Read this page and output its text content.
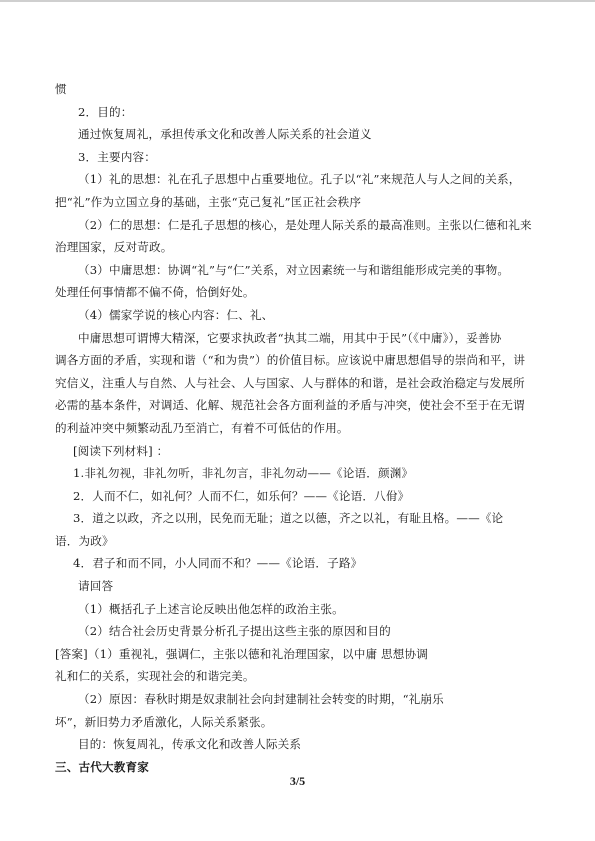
惯

2．目的：

通过恢复周礼，承担传承文化和改善人际关系的社会道义

3．主要内容：

（1）礼的思想：礼在孔子思想中占重要地位。孔子以“礼”来规范人与人之间的关系，

把“礼”作为立国立身的基础，主张“克己复礼”匡正社会秩序

（2）仁的思想：仁是孔子思想的核心，是处理人际关系的最高准则。主张以仁德和礼来

治理国家，反对苛政。

（3）中庸思想：协调“礼”与“仁”关系，对立因素统一与和谐组能形成完美的事物。

处理任何事情都不偏不倚，恰倒好处。

（4）儒家学说的核心内容：仁、礼、

中庸思想可谓博大精深，它要求执政者“执其二端，用其中于民”（《中庸》），妥善协

调各方面的矛盾，实现和谐（“和为贵”）的价值目标。应该说中庸思想倡导的崇尚和平，讲

究信义，注重人与自然、人与社会、人与国家、人与群体的和谐，是社会政治稳定与发展所

必需的基本条件，对调适、化解、规范社会各方面利益的矛盾与冲突，使社会不至于在无谓

的利益冲突中频繁动乱乃至消亡，有着不可低估的作用。

[阅读下列材料] ：

1.非礼勿视，非礼勿听，非礼勿言，非礼勿动——《论语．颜渊》

2．人而不仁，如礼何？人而不仁，如乐何？——《论语．八佾》

3．道之以政，齐之以刑，民免而无耻；道之以德，齐之以礼，有耻且格。——《论

语．为政》

4．君子和而不同，小人同而不和？——《论语．子路》

请回答

（1）概括孔子上述言论反映出他怎样的政治主张。

（2）结合社会历史背景分析孔子提出这些主张的原因和目的

[答案]（1）重视礼，强调仁，主张以德和礼治理国家，以中庸 思想协调

礼和仁的关系，实现社会的和谐完美。

（2）原因：春秋时期是奴隶制社会向封建制社会转变的时期，“礼崩乐

坏”，新旧势力矛盾激化，人际关系紧张。

目的：恢复周礼，传承文化和改善人际关系

三、古代大教育家

3/5
